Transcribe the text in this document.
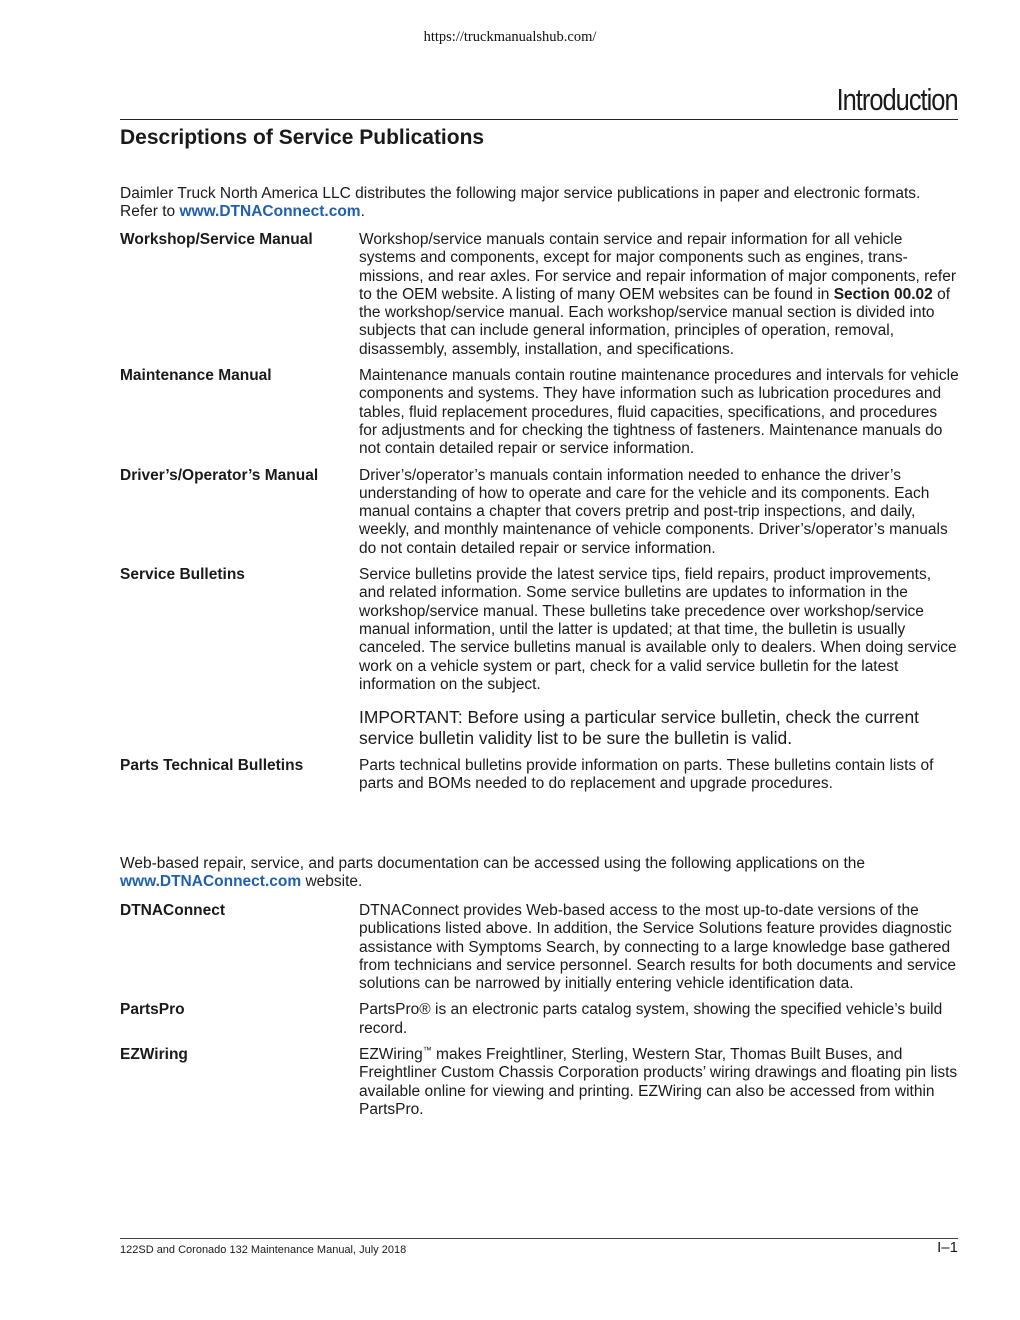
https://truckmanualshub.com/
Introduction
Descriptions of Service Publications

Daimler Truck North America LLC distributes the following major service publications in paper and electronic formats. Refer to www.DTNAConnect.com.

Workshop/Service Manual	Workshop/service manuals contain service and repair information for all vehicle systems and components, except for major components such as engines, transmissions, and rear axles. For service and repair information of major components, refer to the OEM website. A listing of many OEM websites can be found in Section 00.02 of the workshop/service manual. Each workshop/service manual section is divided into subjects that can include general information, principles of operation, removal, disassembly, assembly, installation, and specifications.
Maintenance Manual	Maintenance manuals contain routine maintenance procedures and intervals for vehicle components and systems. They have information such as lubrication procedures and tables, fluid replacement procedures, fluid capacities, specifications, and procedures for adjustments and for checking the tightness of fasteners. Maintenance manuals do not contain detailed repair or service information.
Driver’s/Operator’s Manual	Driver’s/operator’s manuals contain information needed to enhance the driver’s understanding of how to operate and care for the vehicle and its components. Each manual contains a chapter that covers pretrip and post-trip inspections, and daily, weekly, and monthly maintenance of vehicle components. Driver’s/operator’s manuals do not contain detailed repair or service information.
Service Bulletins	Service bulletins provide the latest service tips, field repairs, product improvements, and related information. Some service bulletins are updates to information in the workshop/service manual. These bulletins take precedence over workshop/service manual information, until the latter is updated; at that time, the bulletin is usually canceled. The service bulletins manual is available only to dealers. When doing service work on a vehicle system or part, check for a valid service bulletin for the latest information on the subject.
IMPORTANT: Before using a particular service bulletin, check the current service bulletin validity list to be sure the bulletin is valid.
Parts Technical Bulletins	Parts technical bulletins provide information on parts. These bulletins contain lists of parts and BOMs needed to do replacement and upgrade procedures.

Web-based repair, service, and parts documentation can be accessed using the following applications on the www.DTNAConnect.com website.

DTNAConnect	DTNAConnect provides Web-based access to the most up-to-date versions of the publications listed above. In addition, the Service Solutions feature provides diagnostic assistance with Symptoms Search, by connecting to a large knowledge base gathered from technicians and service personnel. Search results for both documents and service solutions can be narrowed by initially entering vehicle identification data.
PartsPro	PartsPro® is an electronic parts catalog system, showing the specified vehicle’s build record.
EZWiring	EZWiring™ makes Freightliner, Sterling, Western Star, Thomas Built Buses, and Freightliner Custom Chassis Corporation products’ wiring drawings and floating pin lists available online for viewing and printing. EZWiring can also be accessed from within PartsPro.
122SD and Coronado 132 Maintenance Manual, July 2018	I–1
